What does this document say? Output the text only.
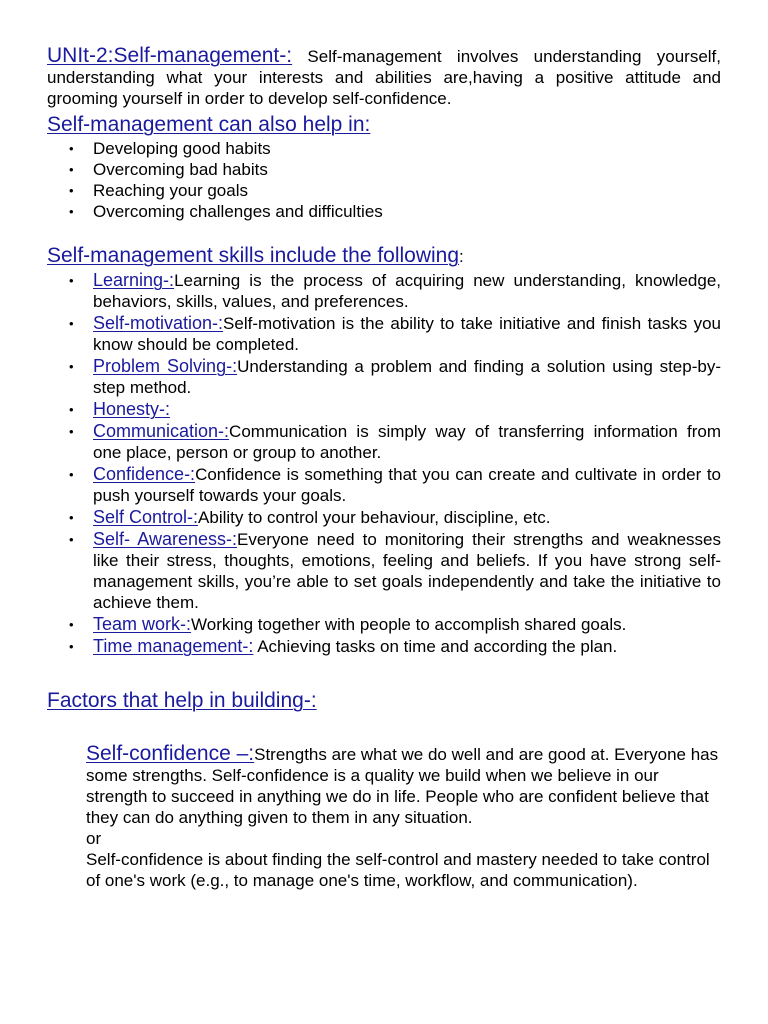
UNIt-2:Self-management-: Self-management involves understanding yourself, understanding what your interests and abilities are,having a positive attitude and grooming yourself in order to develop self-confidence.

Self-management can also help in:
• Developing good habits
• Overcoming bad habits
• Reaching your goals
• Overcoming challenges and difficulties
Self-management skills include the following:
• Learning-:Learning is the process of acquiring new understanding, knowledge, behaviors, skills, values, and preferences.
• Self-motivation-:Self-motivation is the ability to take initiative and finish tasks you know should be completed.
• Problem Solving-:Understanding a problem and finding a solution using step-by-step method.
• Honesty-:
• Communication-:Communication is simply way of transferring information from one place, person or group to another.
• Confidence-:Confidence is something that you can create and cultivate in order to push yourself towards your goals.
• Self Control-:Ability to control your behaviour, discipline, etc.
• Self- Awareness-:Everyone need to monitoring their strengths and weaknesses like their stress, thoughts, emotions, feeling and beliefs. If you have strong self-management skills, you’re able to set goals independently and take the initiative to achieve them.
• Team work-:Working together with people to accomplish shared goals.
• Time management-: Achieving tasks on time and according the plan.
Factors that help in building-:

Self-confidence –:Strengths are what we do well and are good at. Everyone has some strengths. Self-confidence is a quality we build when we believe in our strength to succeed in anything we do in life. People who are confident believe that they can do anything given to them in any situation.

or

Self-confidence is about finding the self-control and mastery needed to take control of one's work (e.g., to manage one's time, workflow, and communication).
